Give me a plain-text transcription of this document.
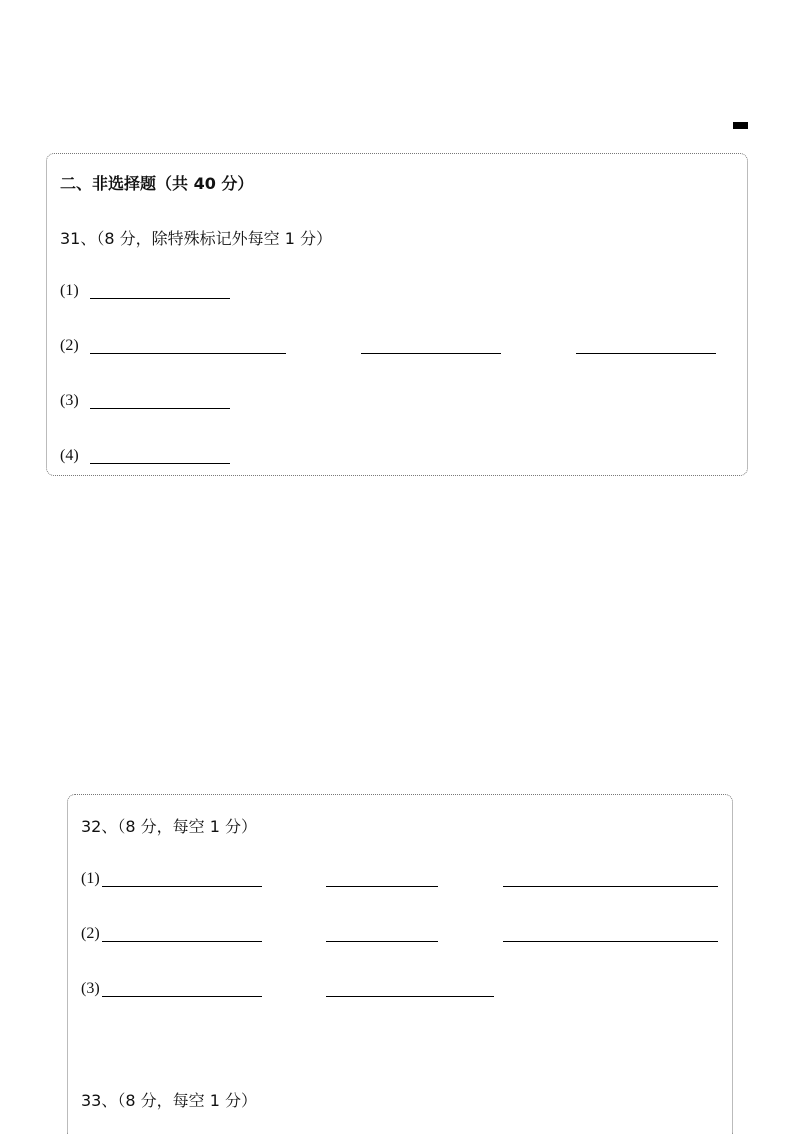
二、非选择题（共 40 分）
31、（8 分，除特殊标记外每空 1 分）
(1)
(2)
(3)
(4)
32、（8 分，每空 1 分）
(1)
(2)
(3)
33、（8 分，每空 1 分）
